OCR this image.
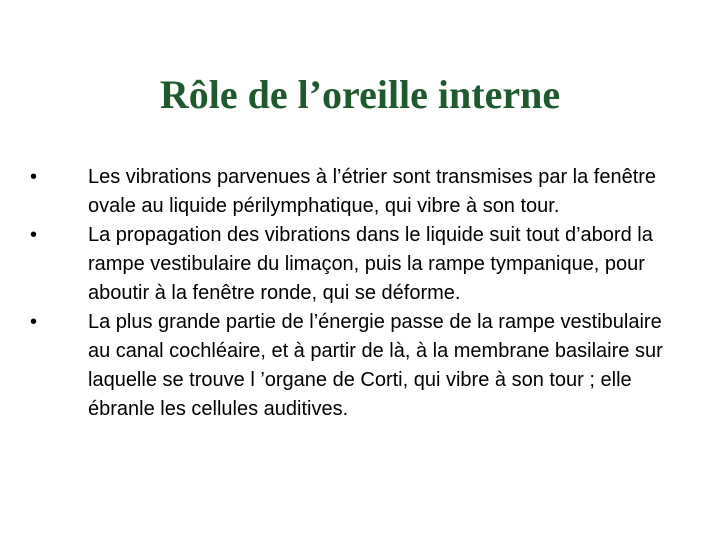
Rôle de l’oreille interne
•	Les vibrations parvenues à l’étrier sont transmises par la fenêtre ovale au liquide périlymphatique, qui vibre à son tour.
•	La propagation des vibrations dans le liquide suit tout d’abord la rampe vestibulaire du limaçon, puis la rampe tympanique, pour aboutir à la fenêtre ronde, qui se déforme.
•	La plus grande partie de l’énergie passe de la rampe vestibulaire au canal cochléaire, et à partir de là, à la membrane basilaire sur laquelle se trouve l ’organe de Corti, qui vibre à son tour ; elle ébranle les cellules auditives.
